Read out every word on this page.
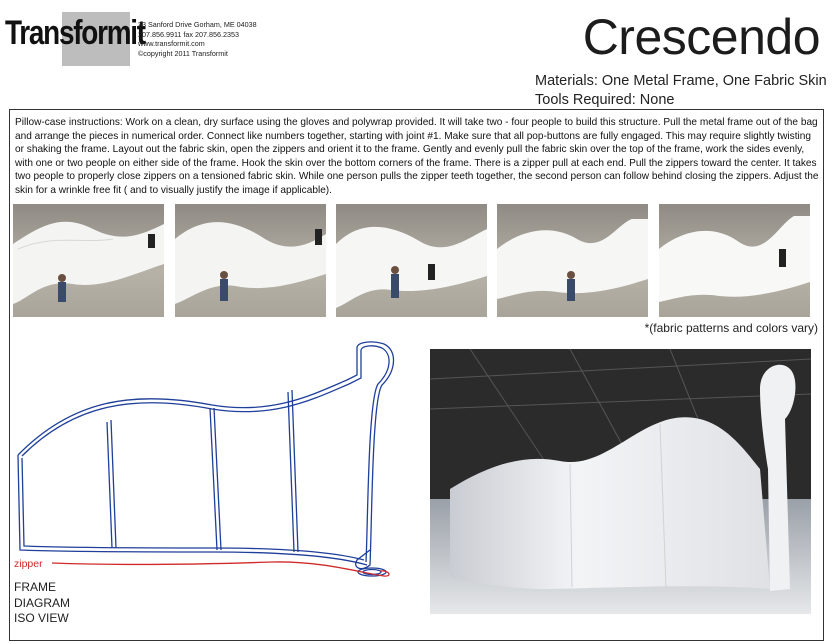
Transformit
33 Sanford Drive Gorham, ME 04038
207.856.9911 fax 207.856.2353
www.transformit.com
©copyright 2011 Transformit	Crescendo
Materials: One Metal Frame, One Fabric Skin
Tools Required: None
Pillow-case instructions: Work on a clean, dry surface using the gloves and polywrap provided. It will take two - four people to build this structure. Pull the metal frame out of the bag and arrange the pieces in numerical order. Connect like numbers together, starting with joint #1. Make sure that all pop-buttons are fully engaged. This may require slightly twisting or shaking the frame. Layout out the fabric skin, open the zippers and orient it to the frame. Gently and evenly pull the fabric skin over the top of the frame, work the sides evenly, with one or two people on either side of the frame. Hook the skin over the bottom corners of the frame. There is a zipper pull at each end. Pull the zippers toward the center. It takes two people to properly close zippers on a tensioned fabric skin. While one person pulls the zipper teeth together, the second person can follow behind closing the zippers. Adjust the skin for a wrinkle free fit ( and to visually justify the image if applicable).
*(fabric patterns and colors vary)
zipper
FRAME
DIAGRAM
ISO VIEW
